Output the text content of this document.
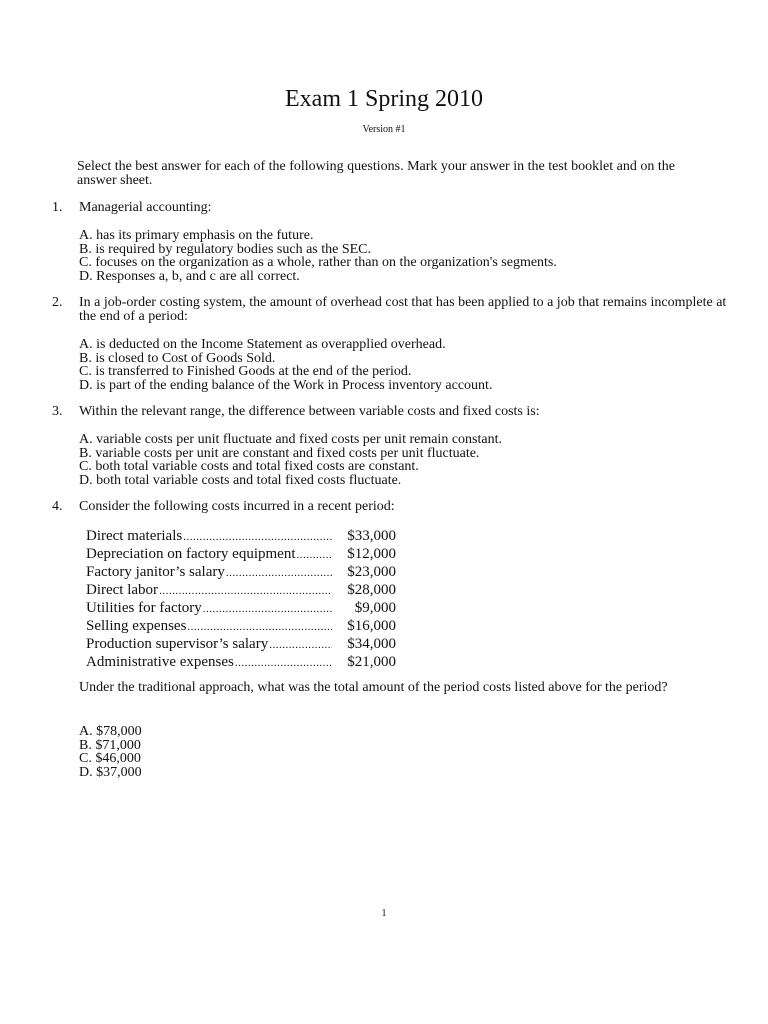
Exam 1 Spring 2010
Version #1
Select the best answer for each of the following questions. Mark your answer in the test booklet and on the answer sheet.
1.	Managerial accounting:
A. has its primary emphasis on the future.
B. is required by regulatory bodies such as the SEC.
C. focuses on the organization as a whole, rather than on the organization's segments.
D. Responses a, b, and c are all correct.
2.	In a job-order costing system, the amount of overhead cost that has been applied to a job that remains incomplete at the end of a period:
A. is deducted on the Income Statement as overapplied overhead.
B. is closed to Cost of Goods Sold.
C. is transferred to Finished Goods at the end of the period.
D. is part of the ending balance of the Work in Process inventory account.
3.	Within the relevant range, the difference between variable costs and fixed costs is:
A. variable costs per unit fluctuate and fixed costs per unit remain constant.
B. variable costs per unit are constant and fixed costs per unit fluctuate.
C. both total variable costs and total fixed costs are constant.
D. both total variable costs and total fixed costs fluctuate.
4.	Consider the following costs incurred in a recent period:
Direct materials .....	$33,000
Depreciation on factory equipment .....	$12,000
Factory janitor’s salary .....	$23,000
Direct labor .....	$28,000
Utilities for factory .....	$9,000
Selling expenses .....	$16,000
Production supervisor’s salary .....	$34,000
Administrative expenses .....	$21,000
Under the traditional approach, what was the total amount of the period costs listed above for the period?
A. $78,000
B. $71,000
C. $46,000
D. $37,000
1
